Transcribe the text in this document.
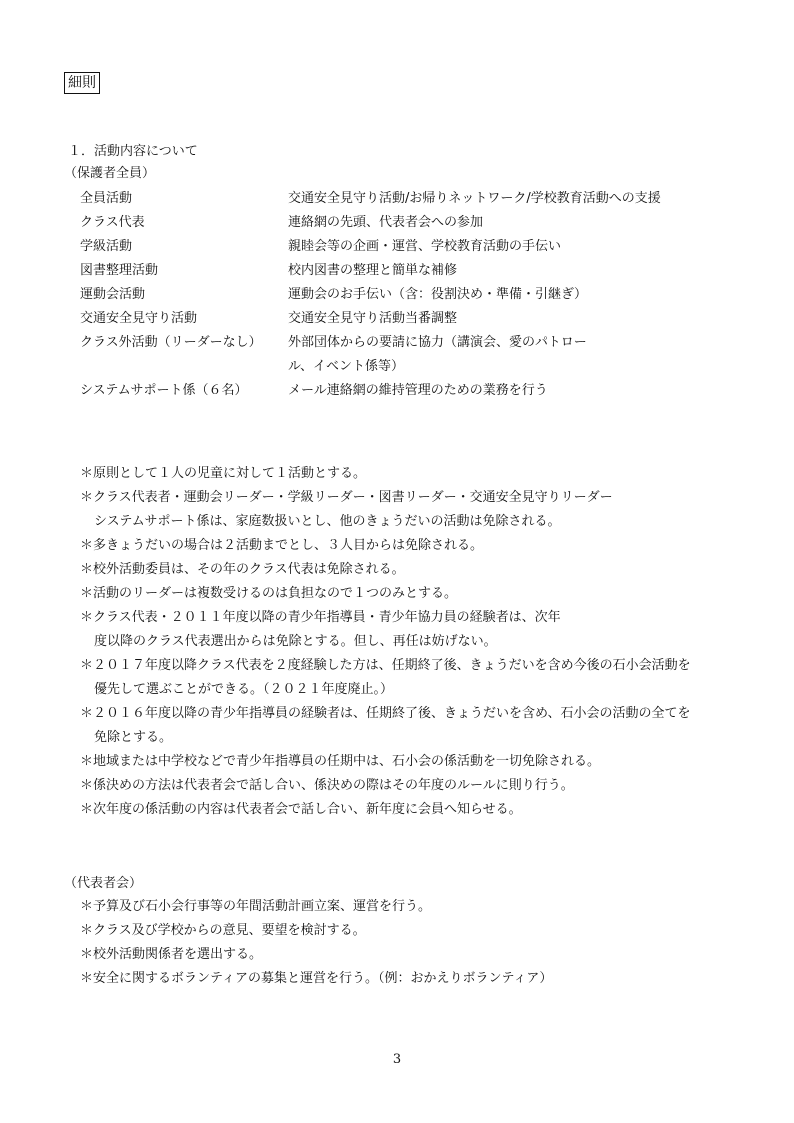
細則
１．活動内容について
（保護者全員）
全員活動	交通安全見守り活動/お帰りネットワーク/学校教育活動への支援
クラス代表	連絡網の先頭、代表者会への参加
学級活動	親睦会等の企画・運営、学校教育活動の手伝い
図書整理活動	校内図書の整理と簡単な補修
運動会活動	運動会のお手伝い（含：役割決め・準備・引継ぎ）
交通安全見守り活動	交通安全見守り活動当番調整
クラス外活動（リーダーなし）	外部団体からの要請に協力（講演会、愛のパトロー
ル、イベント係等）
システムサポート係（６名）	メール連絡網の維持管理のための業務を行う
＊原則として１人の児童に対して１活動とする。
＊クラス代表者・運動会リーダー・学級リーダー・図書リーダー・交通安全見守りリーダー
システムサポート係は、家庭数扱いとし、他のきょうだいの活動は免除される。
＊多きょうだいの場合は２活動までとし、３人目からは免除される。
＊校外活動委員は、その年のクラス代表は免除される。
＊活動のリーダーは複数受けるのは負担なので１つのみとする。
＊クラス代表・２０１１年度以降の青少年指導員・青少年協力員の経験者は、次年
度以降のクラス代表選出からは免除とする。但し、再任は妨げない。
＊２０１７年度以降クラス代表を２度経験した方は、任期終了後、きょうだいを含め今後の石小会活動を
優先して選ぶことができる。（２０２１年度廃止。）
＊２０１６年度以降の青少年指導員の経験者は、任期終了後、きょうだいを含め、石小会の活動の全てを
免除とする。
＊地域または中学校などで青少年指導員の任期中は、石小会の係活動を一切免除される。
＊係決めの方法は代表者会で話し合い、係決めの際はその年度のルールに則り行う。
＊次年度の係活動の内容は代表者会で話し合い、新年度に会員へ知らせる。
（代表者会）
＊予算及び石小会行事等の年間活動計画立案、運営を行う。
＊クラス及び学校からの意見、要望を検討する。
＊校外活動関係者を選出する。
＊安全に関するボランティアの募集と運営を行う。（例：おかえりボランティア）
3
